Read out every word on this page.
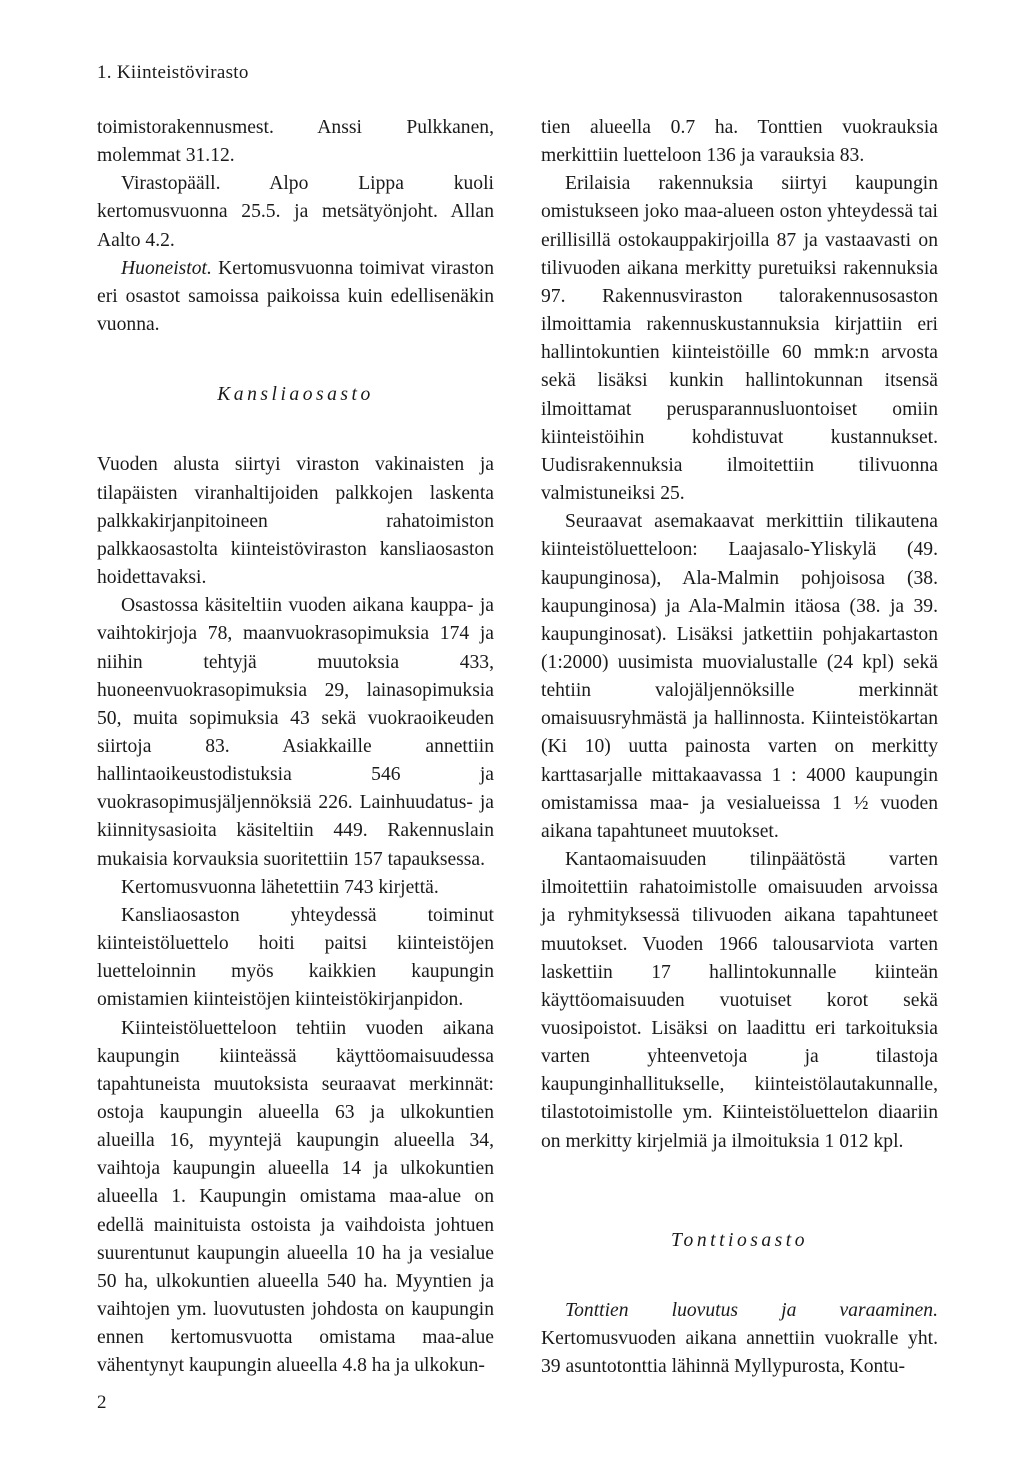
1. Kiinteistövirasto

toimistorakennusmest. Anssi Pulkkanen, molemmat 31.12.

Virastopääll. Alpo Lippa kuoli kertomusvuonna 25.5. ja metsätyönjoht. Allan Aalto 4.2.

Huoneistot. Kertomusvuonna toimivat viraston eri osastot samoissa paikoissa kuin edellisenäkin vuonna.

Kansliaosasto

Vuoden alusta siirtyi viraston vakinaisten ja tilapäisten viranhaltijoiden palkkojen laskenta palkkakirjanpitoineen rahatoimiston palkkaosastolta kiinteistöviraston kansliaosaston hoidettavaksi.

Osastossa käsiteltiin vuoden aikana kauppa- ja vaihtokirjoja 78, maanvuokrasopimuksia 174 ja niihin tehtyjä muutoksia 433, huoneenvuokrasopimuksia 29, lainasopimuksia 50, muita sopimuksia 43 sekä vuokraoikeuden siirtoja 83. Asiakkaille annettiin hallintaoikeustodistuksia 546 ja vuokrasopimusjäljennöksiä 226. Lainhuudatus- ja kiinnitysasioita käsiteltiin 449. Rakennuslain mukaisia korvauksia suoritettiin 157 tapauksessa.

Kertomusvuonna lähetettiin 743 kirjettä.

Kansliaosaston yhteydessä toiminut kiinteistöluettelo hoiti paitsi kiinteistöjen luetteloinnin myös kaikkien kaupungin omistamien kiinteistöjen kiinteistökirjanpidon.

Kiinteistöluetteloon tehtiin vuoden aikana kaupungin kiinteässä käyttöomaisuudessa tapahtuneista muutoksista seuraavat merkinnät: ostoja kaupungin alueella 63 ja ulkokuntien alueilla 16, myyntejä kaupungin alueella 34, vaihtoja kaupungin alueella 14 ja ulkokuntien alueella 1. Kaupungin omistama maa-alue on edellä mainituista ostoista ja vaihdoista johtuen suurentunut kaupungin alueella 10 ha ja vesialue 50 ha, ulkokuntien alueella 540 ha. Myyntien ja vaihtojen ym. luovutusten johdosta on kaupungin ennen kertomusvuotta omistama maa-alue vähentynyt kaupungin alueella 4.8 ha ja ulkokun-

tien alueella 0.7 ha. Tonttien vuokrauksia merkittiin luetteloon 136 ja varauksia 83.

Erilaisia rakennuksia siirtyi kaupungin omistukseen joko maa-alueen oston yhteydessä tai erillisillä ostokauppakirjoilla 87 ja vastaavasti on tilivuoden aikana merkitty puretuiksi rakennuksia 97. Rakennusviraston talorakennusosaston ilmoittamia rakennuskustannuksia kirjattiin eri hallintokuntien kiinteistöille 60 mmk:n arvosta sekä lisäksi kunkin hallintokunnan itsensä ilmoittamat perusparannusluontoiset omiin kiinteistöihin kohdistuvat kustannukset. Uudisrakennuksia ilmoitettiin tilivuonna valmistuneiksi 25.

Seuraavat asemakaavat merkittiin tilikautena kiinteistöluetteloon: Laajasalo-Yliskylä (49. kaupunginosa), Ala-Malmin pohjoisosa (38. kaupunginosa) ja Ala-Malmin itäosa (38. ja 39. kaupunginosat). Lisäksi jatkettiin pohjakartaston (1:2000) uusimista muovialustalle (24 kpl) sekä tehtiin valojäljennöksille merkinnät omaisuusryhmästä ja hallinnosta. Kiinteistökartan (Ki 10) uutta painosta varten on merkitty karttasarjalle mittakaavassa 1 : 4000 kaupungin omistamissa maa- ja vesialueissa 1 ½ vuoden aikana tapahtuneet muutokset.

Kantaomaisuuden tilinpäätöstä varten ilmoitettiin rahatoimistolle omaisuuden arvoissa ja ryhmityksessä tilivuoden aikana tapahtuneet muutokset. Vuoden 1966 talousarviota varten laskettiin 17 hallintokunnalle kiinteän käyttöomaisuuden vuotuiset korot sekä vuosipoistot. Lisäksi on laadittu eri tarkoituksia varten yhteenvetoja ja tilastoja kaupunginhallitukselle, kiinteistölautakunnalle, tilastotoimistolle ym. Kiinteistöluettelon diaariin on merkitty kirjelmiä ja ilmoituksia 1 012 kpl.

Tonttiosasto

Tonttien luovutus ja varaaminen. Kertomusvuoden aikana annettiin vuokralle yht. 39 asuntotonttia lähinnä Myllypurosta, Kontu-

2
